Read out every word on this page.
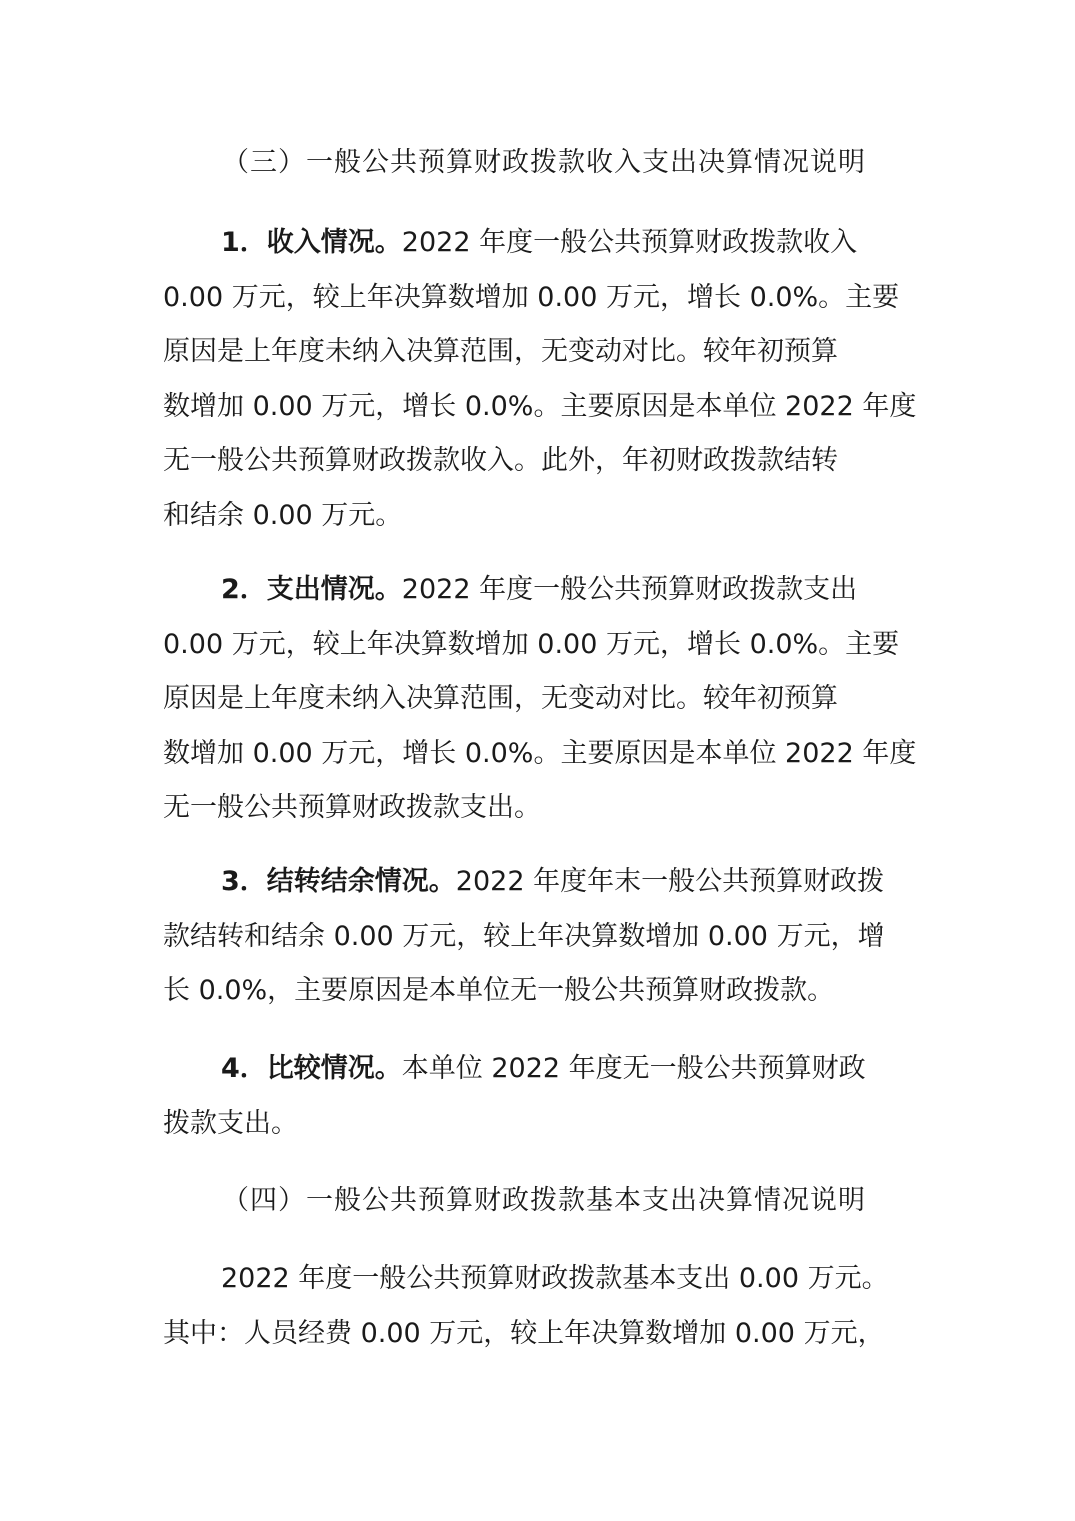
（三）一般公共预算财政拨款收入支出决算情况说明
1．收入情况。2022 年度一般公共预算财政拨款收入
0.00 万元，较上年决算数增加 0.00 万元，增长 0.0%。主要
原因是上年度未纳入决算范围，无变动对比。较年初预算
数增加 0.00 万元，增长 0.0%。主要原因是本单位 2022 年度
无一般公共预算财政拨款收入。此外，年初财政拨款结转
和结余 0.00 万元。
2．支出情况。2022 年度一般公共预算财政拨款支出
0.00 万元，较上年决算数增加 0.00 万元，增长 0.0%。主要
原因是上年度未纳入决算范围，无变动对比。较年初预算
数增加 0.00 万元，增长 0.0%。主要原因是本单位 2022 年度
无一般公共预算财政拨款支出。
3．结转结余情况。2022 年度年末一般公共预算财政拨
款结转和结余 0.00 万元，较上年决算数增加 0.00 万元，增
长 0.0%，主要原因是本单位无一般公共预算财政拨款。
4．比较情况。本单位 2022 年度无一般公共预算财政
拨款支出。
（四）一般公共预算财政拨款基本支出决算情况说明
2022 年度一般公共预算财政拨款基本支出 0.00 万元。
其中：人员经费 0.00 万元，较上年决算数增加 0.00 万元，
